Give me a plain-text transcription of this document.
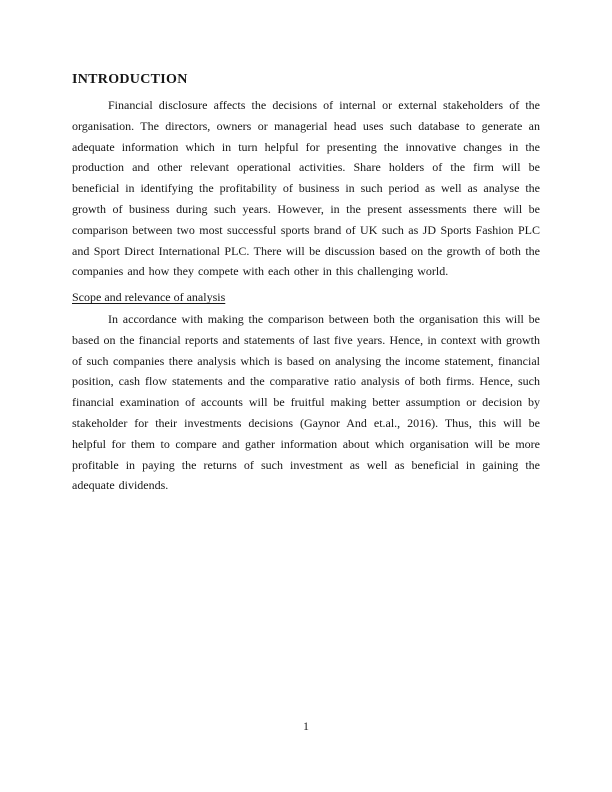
INTRODUCTION

Financial disclosure affects the decisions of internal or external stakeholders of the organisation. The directors, owners or managerial head uses such database to generate an adequate information which in turn helpful for presenting the innovative changes in the production and other relevant operational activities. Share holders of the firm will be beneficial in identifying the profitability of business in such period as well as analyse the growth of business during such years. However, in the present assessments there will be comparison between two most successful sports brand of UK such as JD Sports Fashion PLC and Sport Direct International PLC. There will be discussion based on the growth of both the companies and how they compete with each other in this challenging world.

Scope and relevance of analysis

In accordance with making the comparison between both the organisation this will be based on the financial reports and statements of last five years. Hence, in context with growth of such companies there analysis which is based on analysing the income statement, financial position, cash flow statements and the comparative ratio analysis of both firms. Hence, such financial examination of accounts will be fruitful making better assumption or decision by stakeholder for their investments decisions (Gaynor And et.al., 2016). Thus, this will be helpful for them to compare and gather information about which organisation will be more profitable in paying the returns of such investment as well as beneficial in gaining the adequate dividends.

1
